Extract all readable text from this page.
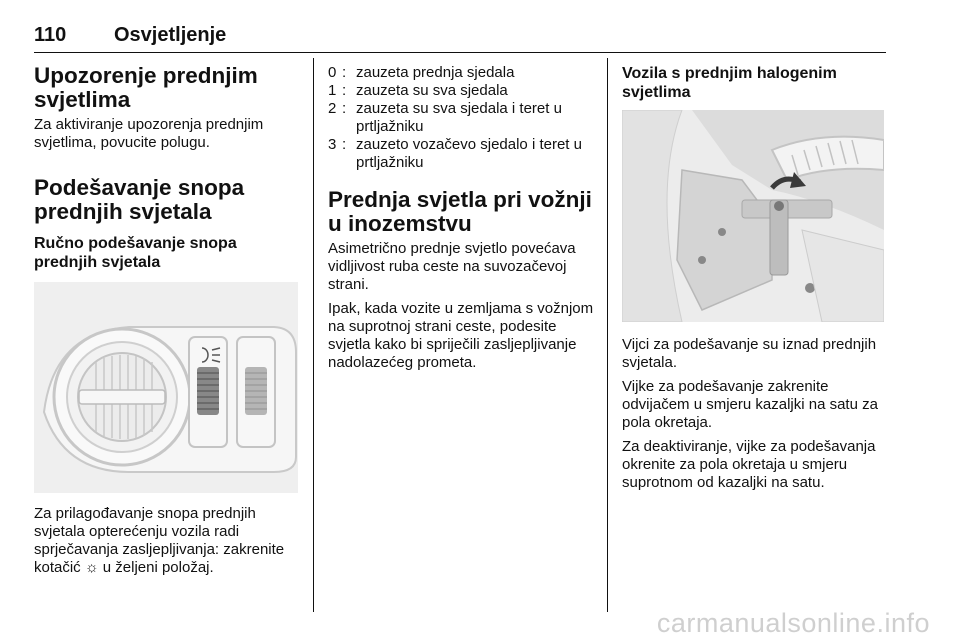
110 Osvjetljenje
Upozorenje prednjim svjetlima

Za aktiviranje upozorenja prednjim svjetlima, povucite polugu.

Podešavanje snopa prednjih svjetala
Ručno podešavanje snopa prednjih svjetala

Za prilagođavanje snopa prednjih svjetala opterećenju vozila radi sprječavanja zasljepljivanja: zakrenite kotačić ☼ u željeni položaj.

0 : zauzeta prednja sjedala
1 : zauzeta su sva sjedala
2 : zauzeta su sva sjedala i teret u prtljažniku
3 : zauzeto vozačevo sjedalo i teret u prtljažniku
Prednja svjetla pri vožnji u inozemstvu

Asimetrično prednje svjetlo povećava vidljivost ruba ceste na suvozačevoj strani.

Ipak, kada vozite u zemljama s vožnjom na suprotnoj strani ceste, podesite svjetla kako bi spriječili zasljepljivanje nadolazećeg prometa.

Vozila s prednjim halogenim svjetlima

Vijci za podešavanje su iznad prednjih svjetala.

Vijke za podešavanje zakrenite odvijačem u smjeru kazaljki na satu za pola okretaja.

Za deaktiviranje, vijke za podešavanja okrenite za pola okretaja u smjeru suprotnom od kazaljki na satu.

carmanualsonline.info
